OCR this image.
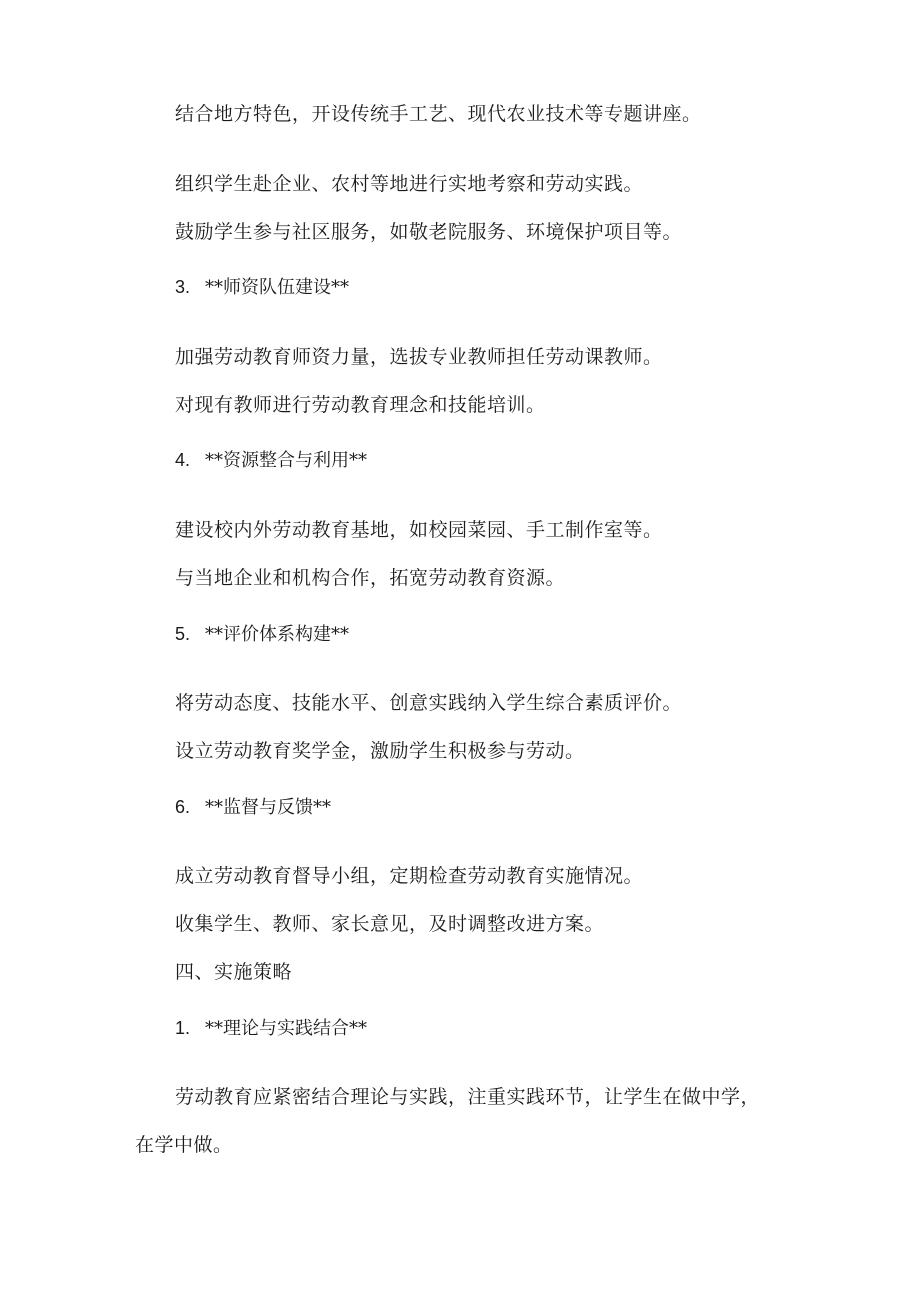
结合地方特色，开设传统手工艺、现代农业技术等专题讲座。
组织学生赴企业、农村等地进行实地考察和劳动实践。
鼓励学生参与社区服务，如敬老院服务、环境保护项目等。
3. **师资队伍建设**
加强劳动教育师资力量，选拔专业教师担任劳动课教师。
对现有教师进行劳动教育理念和技能培训。
4. **资源整合与利用**
建设校内外劳动教育基地，如校园菜园、手工制作室等。
与当地企业和机构合作，拓宽劳动教育资源。
5. **评价体系构建**
将劳动态度、技能水平、创意实践纳入学生综合素质评价。
设立劳动教育奖学金，激励学生积极参与劳动。
6. **监督与反馈**
成立劳动教育督导小组，定期检查劳动教育实施情况。
收集学生、教师、家长意见，及时调整改进方案。
四、实施策略
1. **理论与实践结合**
劳动教育应紧密结合理论与实践，注重实践环节，让学生在做中学，
在学中做。
